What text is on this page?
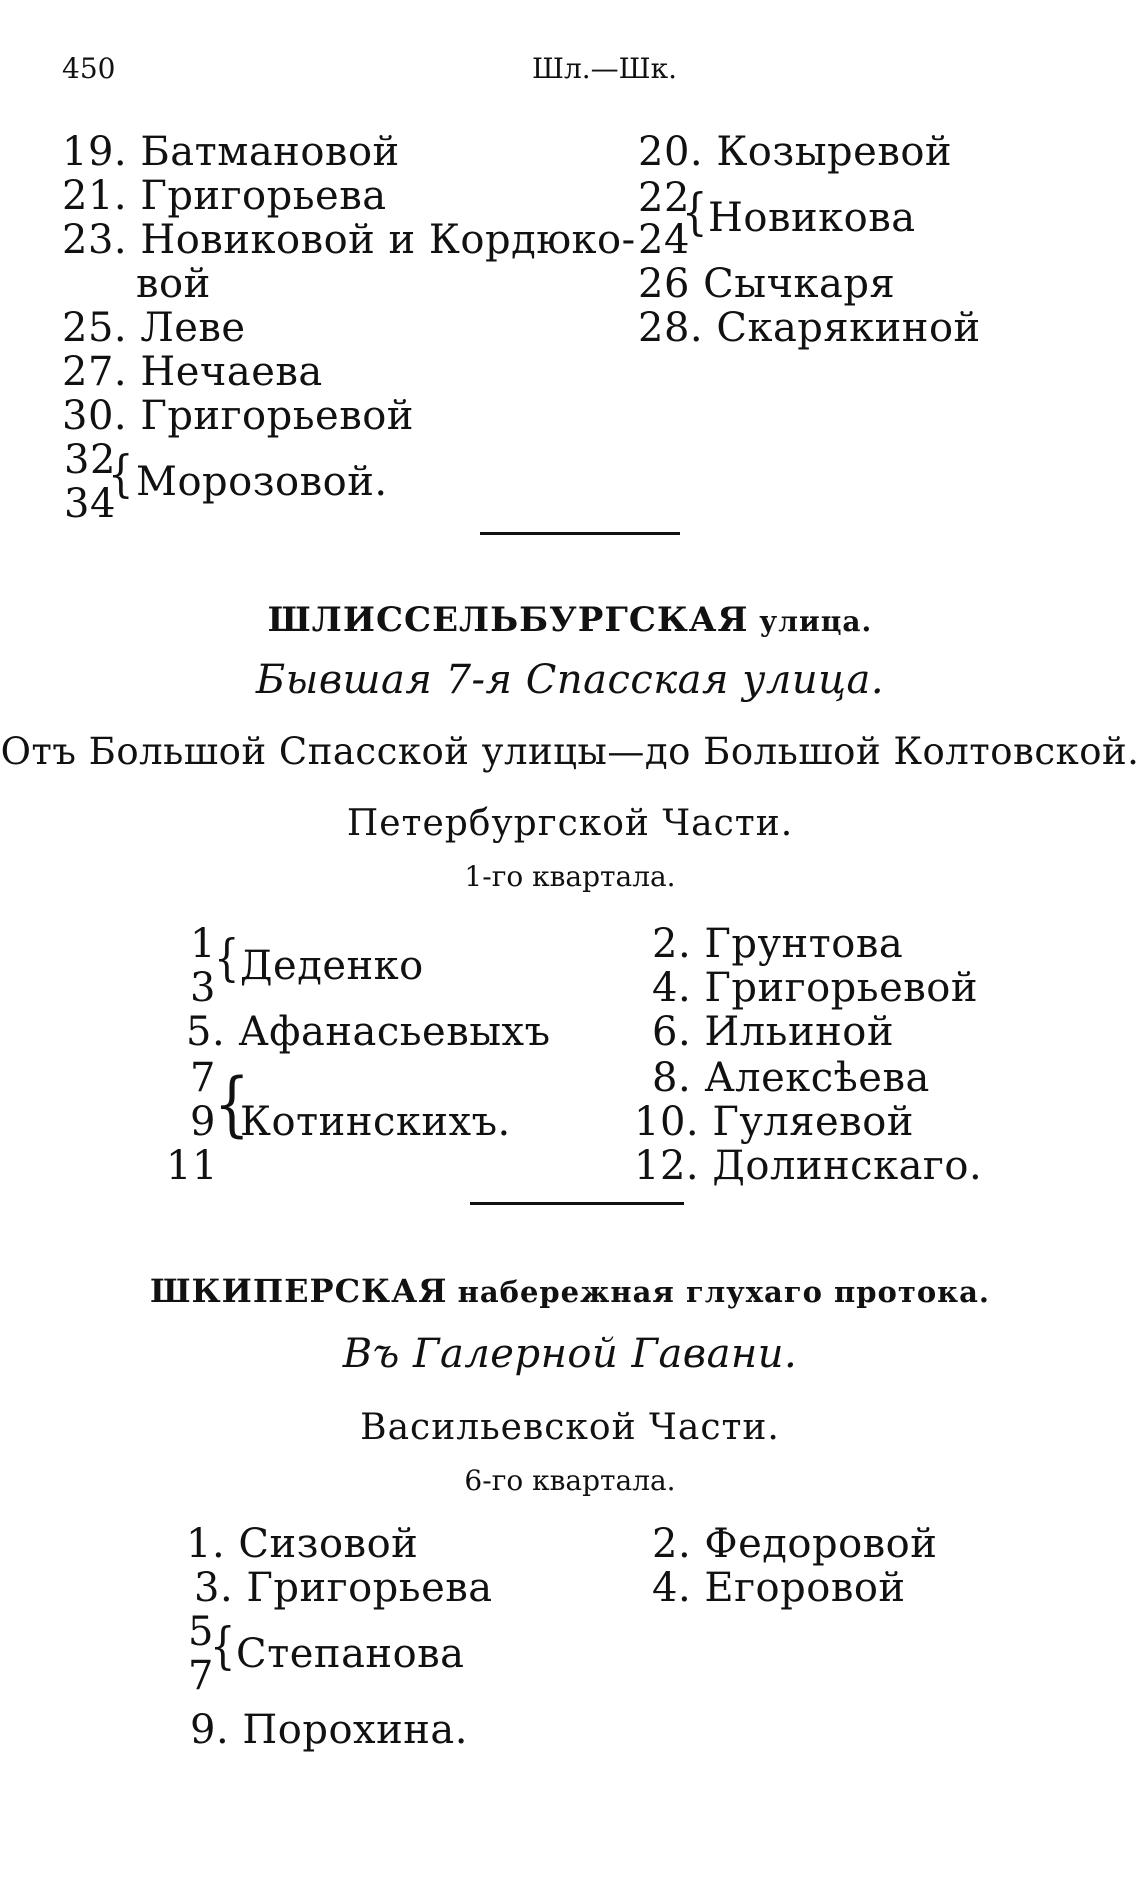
450	Шл.—Шк.
19. Батмановой
21. Григорьева
23. Новиковой и Кордюко-
вой
25. Леве
27. Нечаева
30. Григорьевой
32
34
{ Морозовой.
20. Козыревой
22
24
{ Новикова
26 Сычкаря
28. Скарякиной
ШЛИССЕЛЬБУРГСКАЯ улица.
Бывшая 7-я Спасская улица.
Отъ Большой Спасской улицы—до Большой Колтовской.
Петербургской Части.
1-го квартала.
1
3
{ Деденко
5. Афанасьевыхъ
7
9
11
{
Котинскихъ.
2. Грунтова
4. Григорьевой
6. Ильиной
8. Алексѣева
10. Гуляевой
12. Долинскаго.
ШКИПЕРСКАЯ набережная глухаго протока.
Въ Галерной Гавани.
Васильевской Части.
6-го квартала.
1. Сизовой
3. Григорьева
5
7
{ Степанова
9. Порохина.
2. Федоровой
4. Егоровой
